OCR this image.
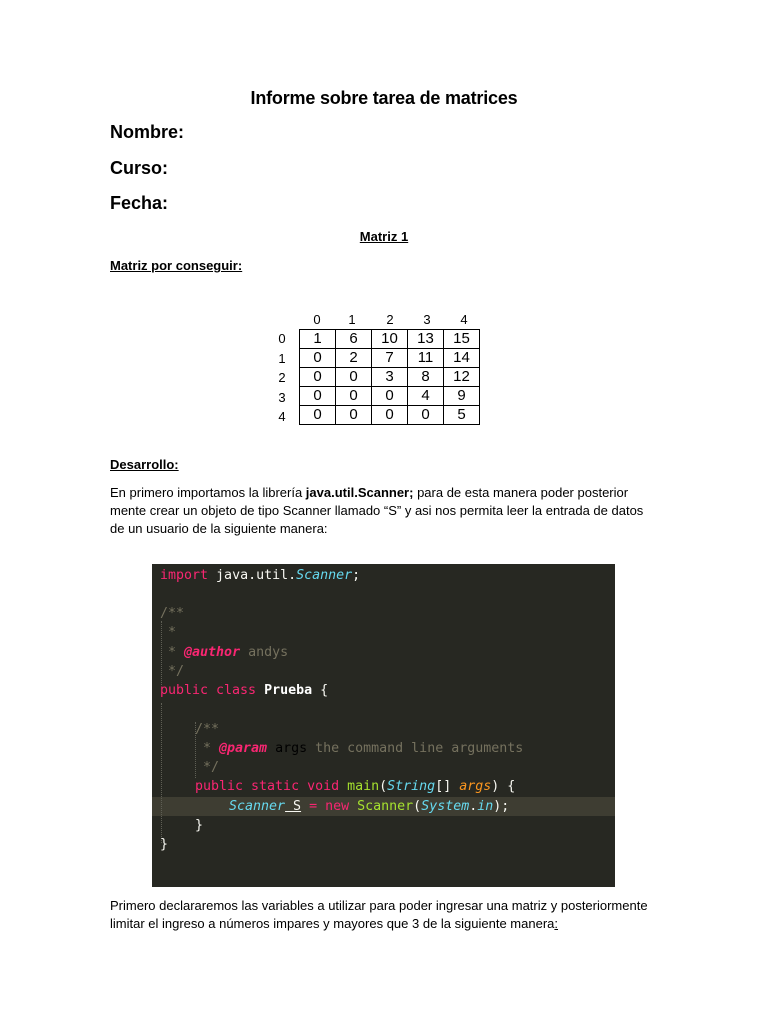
Informe sobre tarea de matrices
Nombre:
Curso:
Fecha:
Matriz 1
Matriz por conseguir:
0	1	2	3	4
0
1
2
3
4
1	6	10	13	15
0	2	7	11	14
0	0	3	8	12
0	0	0	4	9
0	0	0	0	5
Desarrollo:
En primero importamos la librería java.util.Scanner; para de esta manera poder posterior mente crear un objeto de tipo Scanner llamado “S” y asi nos permita leer la entrada de datos de un usuario de la siguiente manera:
import java.util.Scanner;
/**
*
* @author andys
*/
public class Prueba {
/**
* @param args the command line arguments
*/
public static void main(String[] args) {
Scanner S = new Scanner(System.in);
}
}
Primero declararemos las variables a utilizar para poder ingresar una matriz y posteriormente limitar el ingreso a números impares y mayores que 3 de la siguiente manera:
